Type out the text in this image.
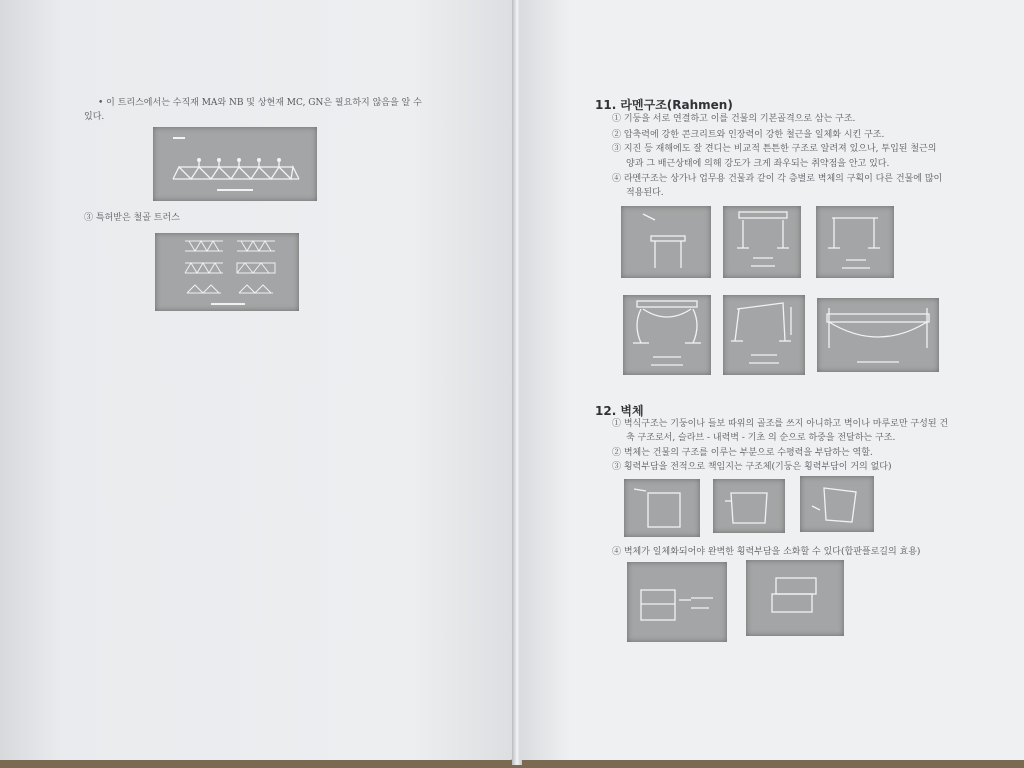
• 이 트리스에서는 수직재 MA와 NB 및 상현재 MC, GN은 필요하지 않음을 알 수
있다.
③ 특허받은 철골 트러스
11. 라멘구조(Rahmen)
① 기둥을 서로 연결하고 이를 건물의 기본골격으로 삼는 구조.
② 압축력에 강한 콘크리트와 인장력이 강한 철근을 일체화 시킨 구조.
③ 지진 등 재해에도 잘 견디는 비교적 튼튼한 구조로 알려져 있으나, 투입된 철근의
양과 그 배근상태에 의해 강도가 크게 좌우되는 취약점을 안고 있다.
④ 라멘구조는 상가나 업무용 건물과 같이 각 층별로 벽체의 구획이 다른 건물에 많이
적용된다.
12. 벽체
① 벽식구조는 기둥이나 들보 따위의 골조를 쓰지 아니하고 벽이나 마루로만 구성된 건
축 구조로서, 슬라브 - 내력벽 - 기초 의 순으로 하중을 전달하는 구조.
② 벽체는 건물의 구조를 이루는 부분으로 수평력을 부담하는 역할.
③ 횡력부담을 전적으로 책임지는 구조체(기둥은 횡력부담이 거의 없다)
④ 벽체가 일체화되어야 완벽한 횡력부담을 소화할 수 있다(합판플로길의 효용)
